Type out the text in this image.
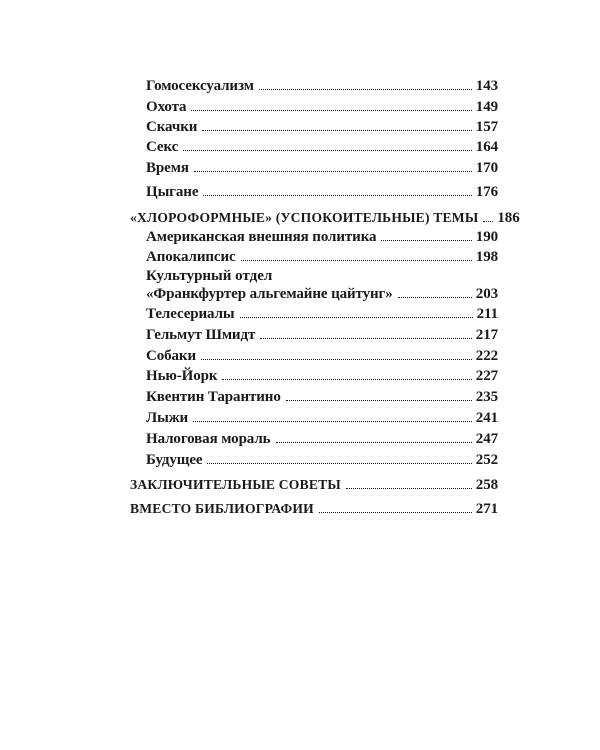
Гомосексуализм	143
Охота	149
Скачки	157
Секс	164
Время	170
Цыгане	176
«ХЛОРОФОРМНЫЕ» (УСПОКОИТЕЛЬНЫЕ) ТЕМЫ 186
Американская внешняя политика	190
Апокалипсис	198
Культурный отдел
«Франкфуртер альгемайне цайтунг»	203
Телесериалы	211
Гельмут Шмидт	217
Собаки	222
Нью-Йорк	227
Квентин Тарантино	235
Лыжи	241
Налоговая мораль	247
Будущее	252
ЗАКЛЮЧИТЕЛЬНЫЕ СОВЕТЫ	258
ВМЕСТО БИБЛИОГРАФИИ	271
